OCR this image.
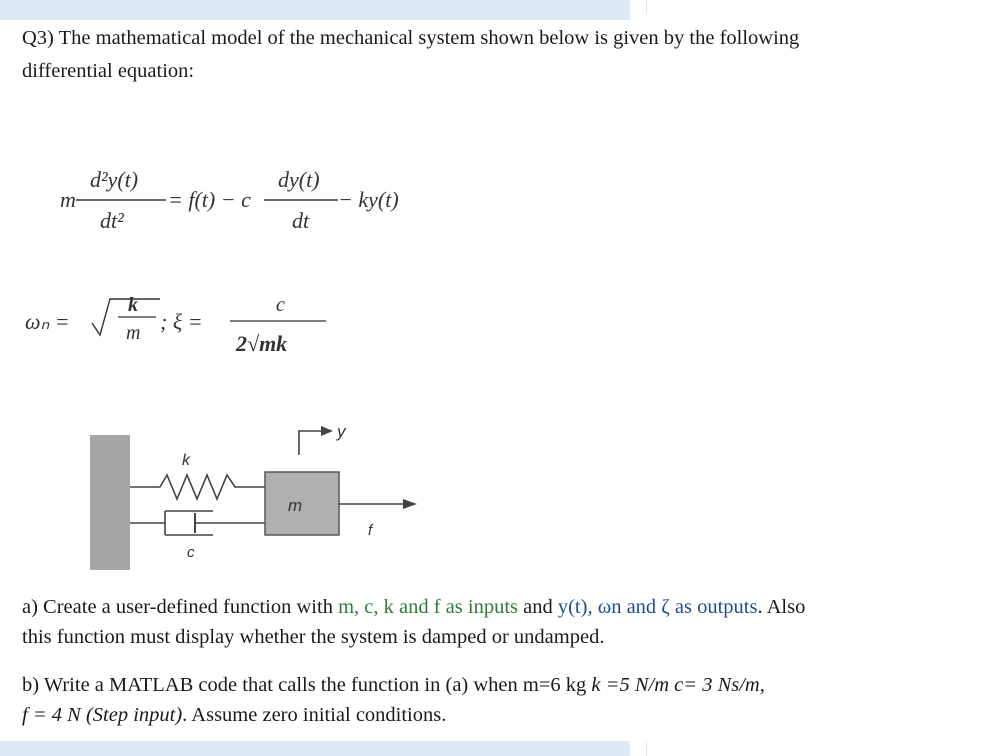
Q3) The mathematical model of the mechanical system shown below is given by the following
differential equation:
m
d²y(t)
dt²
= f(t) − c
dy(t)
dt
− ky(t)
ωₙ =
k
m ; ξ =
c
2√mk
k
c
m
f
y
a) Create a user-defined function with m, c, k and f as inputs and y(t), ωn and ζ as outputs. Also
this function must display whether the system is damped or undamped.
b) Write a MATLAB code that calls the function in (a) when m=6 kg k =5 N/m c= 3 Ns/m,
f = 4 N (Step input). Assume zero initial conditions.
